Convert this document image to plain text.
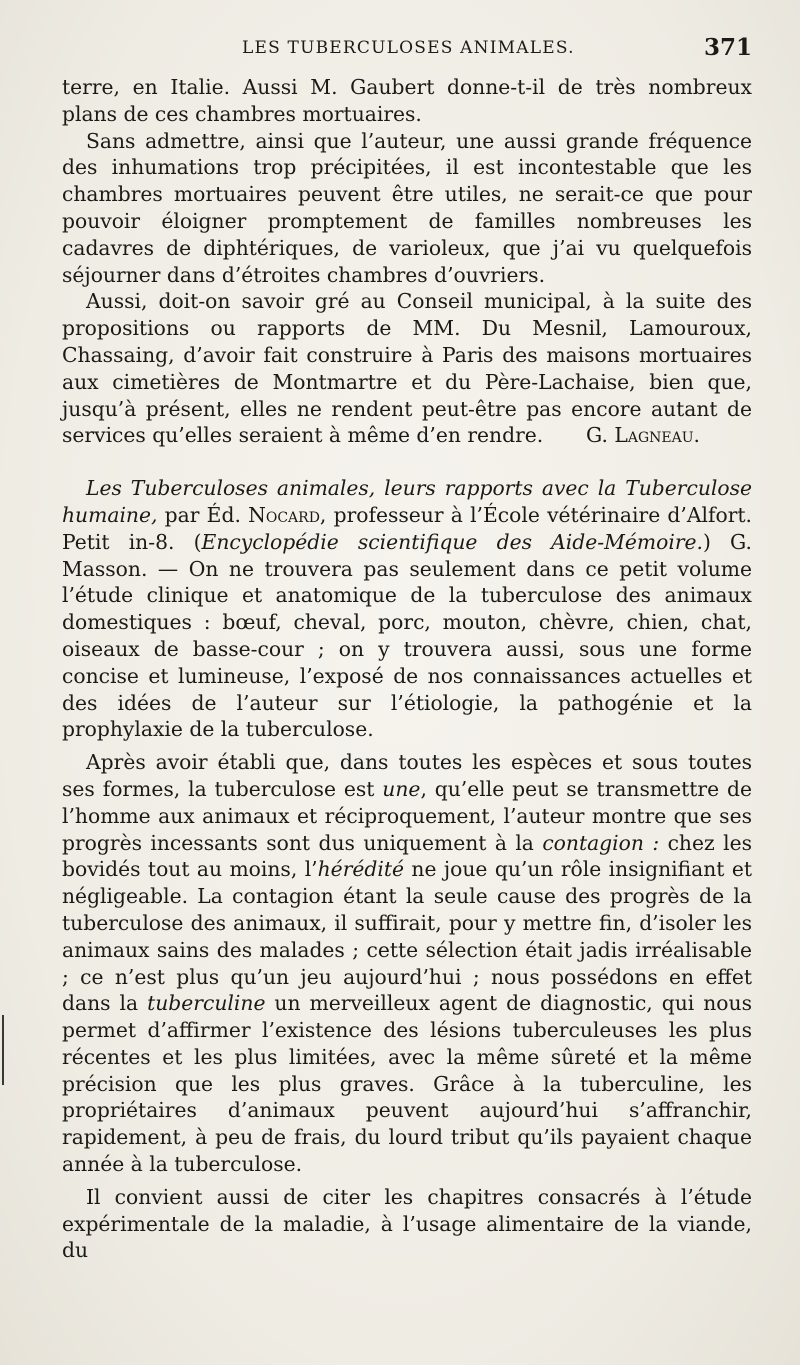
LES TUBERCULOSES ANIMALES.	371

terre, en Italie. Aussi M. Gaubert donne-t-il de très nombreux plans de ces chambres mortuaires.

Sans admettre, ainsi que l’auteur, une aussi grande fréquence des inhumations trop précipitées, il est incontestable que les chambres mortuaires peuvent être utiles, ne serait-ce que pour pouvoir éloigner promptement de familles nombreuses les cadavres de diphtériques, de varioleux, que j’ai vu quelquefois séjourner dans d’étroites chambres d’ouvriers.

Aussi, doit-on savoir gré au Conseil municipal, à la suite des propositions ou rapports de MM. Du Mesnil, Lamouroux, Chassaing, d’avoir fait construire à Paris des maisons mortuaires aux cimetières de Montmartre et du Père-Lachaise, bien que, jusqu’à présent, elles ne rendent peut-être pas encore autant de services qu’elles seraient à même d’en rendre.	G. Lagneau.

Les Tuberculoses animales, leurs rapports avec la Tuberculose humaine, par Éd. Nocard, professeur à l’École vétérinaire d’Alfort. Petit in-8. (Encyclopédie scientifique des Aide-Mémoire.) G. Masson. — On ne trouvera pas seulement dans ce petit volume l’étude clinique et anatomique de la tuberculose des animaux domestiques : bœuf, cheval, porc, mouton, chèvre, chien, chat, oiseaux de basse-cour ; on y trouvera aussi, sous une forme concise et lumineuse, l’exposé de nos connaissances actuelles et des idées de l’auteur sur l’étiologie, la pathogénie et la prophylaxie de la tuberculose.

Après avoir établi que, dans toutes les espèces et sous toutes ses formes, la tuberculose est une, qu’elle peut se transmettre de l’homme aux animaux et réciproquement, l’auteur montre que ses progrès incessants sont dus uniquement à la contagion : chez les bovidés tout au moins, l’hérédité ne joue qu’un rôle insignifiant et négligeable. La contagion étant la seule cause des progrès de la tuberculose des animaux, il suffirait, pour y mettre fin, d’isoler les animaux sains des malades ; cette sélection était jadis irréalisable ; ce n’est plus qu’un jeu aujourd’hui ; nous possédons en effet dans la tuberculine un merveilleux agent de diagnostic, qui nous permet d’affirmer l’existence des lésions tuberculeuses les plus récentes et les plus limitées, avec la même sûreté et la même précision que les plus graves. Grâce à la tuberculine, les propriétaires d’animaux peuvent aujourd’hui s’affranchir, rapidement, à peu de frais, du lourd tribut qu’ils payaient chaque année à la tuberculose.

Il convient aussi de citer les chapitres consacrés à l’étude expérimentale de la maladie, à l’usage alimentaire de la viande, du
